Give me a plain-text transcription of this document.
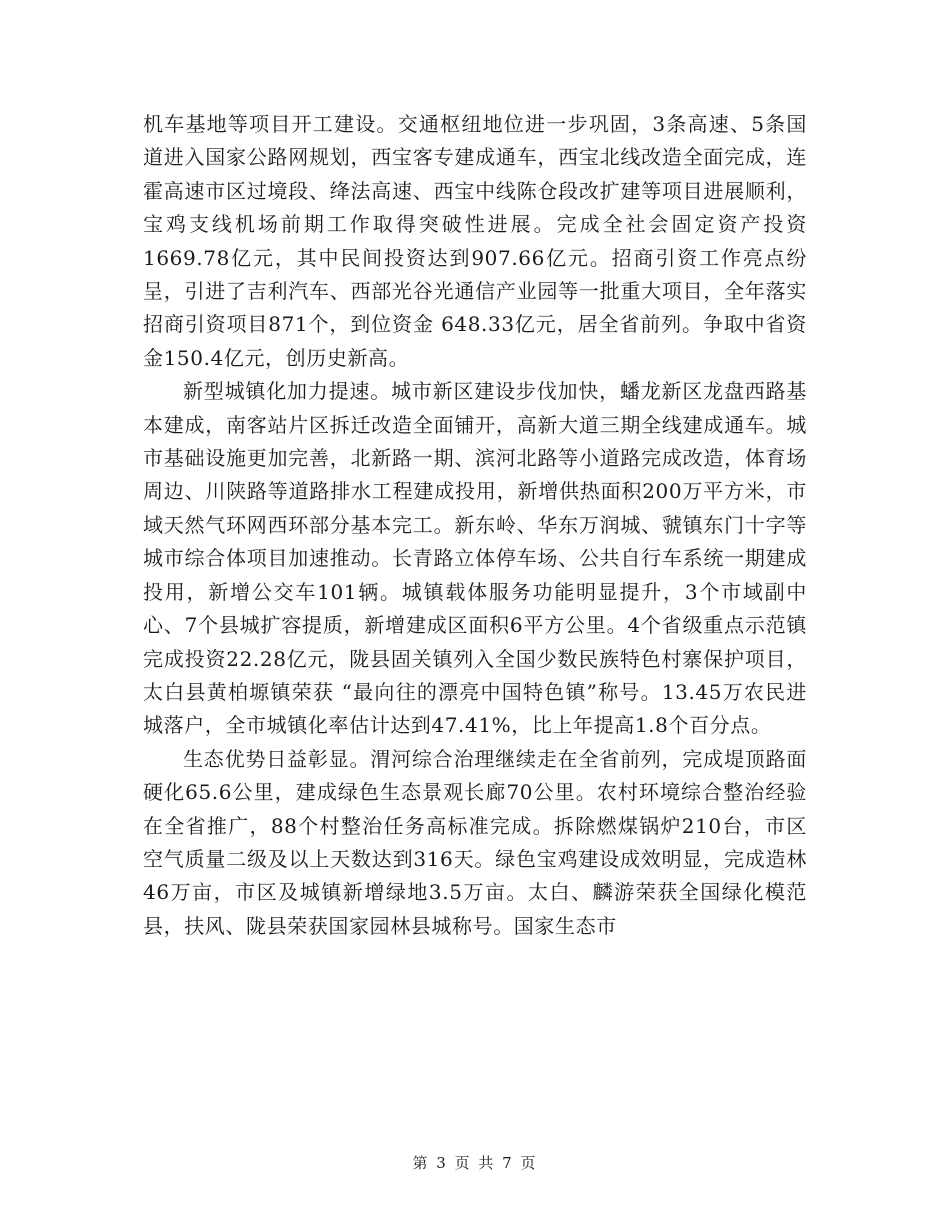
机车基地等项目开工建设。交通枢纽地位进一步巩固，3条高速、5条国道进入国家公路网规划，西宝客专建成通车，西宝北线改造全面完成，连霍高速市区过境段、绛法高速、西宝中线陈仓段改扩建等项目进展顺利，宝鸡支线机场前期工作取得突破性进展。完成全社会固定资产投资1669.78亿元，其中民间投资达到907.66亿元。招商引资工作亮点纷呈，引进了吉利汽车、西部光谷光通信产业园等一批重大项目，全年落实招商引资项目871个，到位资金 648.33亿元，居全省前列。争取中省资金150.4亿元，创历史新高。

新型城镇化加力提速。城市新区建设步伐加快，蟠龙新区龙盘西路基本建成，南客站片区拆迁改造全面铺开，高新大道三期全线建成通车。城市基础设施更加完善，北新路一期、滨河北路等小道路完成改造，体育场周边、川陕路等道路排水工程建成投用，新增供热面积200万平方米，市域天然气环网西环部分基本完工。新东岭、华东万润城、虢镇东门十字等城市综合体项目加速推动。长青路立体停车场、公共自行车系统一期建成投用，新增公交车101辆。城镇载体服务功能明显提升，3个市域副中心、7个县城扩容提质，新增建成区面积6平方公里。4个省级重点示范镇完成投资22.28亿元，陇县固关镇列入全国少数民族特色村寨保护项目，太白县黄柏塬镇荣获 “最向往的漂亮中国特色镇”称号。13.45万农民进城落户，全市城镇化率估计达到47.41%，比上年提高1.8个百分点。

生态优势日益彰显。渭河综合治理继续走在全省前列，完成堤顶路面硬化65.6公里，建成绿色生态景观长廊70公里。农村环境综合整治经验在全省推广，88个村整治任务高标准完成。拆除燃煤锅炉210台，市区空气质量二级及以上天数达到316天。绿色宝鸡建设成效明显，完成造林46万亩，市区及城镇新增绿地3.5万亩。太白、麟游荣获全国绿化模范县，扶风、陇县荣获国家园林县城称号。国家生态市

第 3 页 共 7 页
